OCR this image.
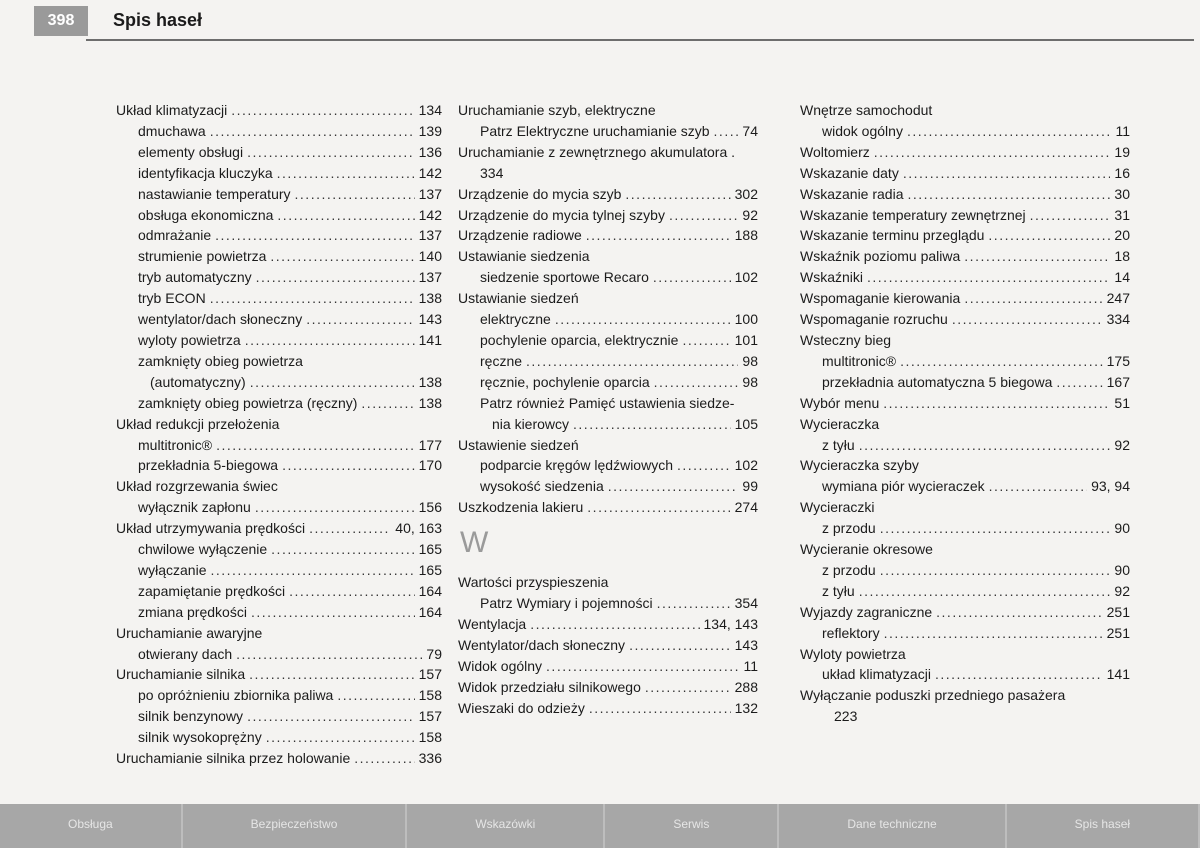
398	Spis haseł
Układ klimatyzacji .....	134
dmuchawa .....	139
elementy obsługi .....	136
identyfikacja kluczyka .....	142
nastawianie temperatury .....	137
obsługa ekonomiczna .....	142
odmrażanie .....	137
strumienie powietrza .....	140
tryb automatyczny .....	137
tryb ECON .....	138
wentylator/dach słoneczny .....	143
wyloty powietrza .....	141
zamknięty obieg powietrza
(automatyczny) .....	138
zamknięty obieg powietrza (ręczny) .....	138
Układ redukcji przełożenia
multitronic® .....	177
przekładnia 5-biegowa .....	170
Układ rozgrzewania świec
wyłącznik zapłonu .....	156
Układ utrzymywania prędkości .....	40, 163
chwilowe wyłączenie .....	165
wyłączanie .....	165
zapamiętanie prędkości .....	164
zmiana prędkości .....	164
Uruchamianie awaryjne
otwierany dach .....	79
Uruchamianie silnika .....	157
po opróżnieniu zbiornika paliwa .....	158
silnik benzynowy .....	157
silnik wysokoprężny .....	158
Uruchamianie silnika przez holowanie .....	336
Uruchamianie szyb, elektryczne
Patrz Elektryczne uruchamianie szyb ..... 74
Uruchamianie z zewnętrznego akumulatora .
334
Urządzenie do mycia szyb .....	302
Urządzenie do mycia tylnej szyby .....	92
Urządzenie radiowe .....	188
Ustawianie siedzenia
siedzenie sportowe Recaro .....	102
Ustawianie siedzeń
elektryczne .....	100
pochylenie oparcia, elektrycznie .....	101
ręczne .....	98
ręcznie, pochylenie oparcia .....	98
Patrz również Pamięć ustawienia siedze-
nia kierowcy .....	105
Ustawienie siedzeń
podparcie kręgów lędźwiowych .....	102
wysokość siedzenia .....	99
Uszkodzenia lakieru .....	274
W
Wartości przyspieszenia
Patrz Wymiary i pojemności .....	354
Wentylacja .....	134, 143
Wentylator/dach słoneczny .....	143
Widok ogólny .....	11
Widok przedziału silnikowego .....	288
Wieszaki do odzieży .....	132
Wnętrze samochodut
widok ogólny .....	11
Woltomierz .....	19
Wskazanie daty .....	16
Wskazanie radia .....	30
Wskazanie temperatury zewnętrznej .....	31
Wskazanie terminu przeglądu .....	20
Wskaźnik poziomu paliwa .....	18
Wskaźniki .....	14
Wspomaganie kierowania .....	247
Wspomaganie rozruchu .....	334
Wsteczny bieg
multitronic® .....	175
przekładnia automatyczna 5 biegowa .....	167
Wybór menu .....	51
Wycieraczka
z tyłu .....	92
Wycieraczka szyby
wymiana piór wycieraczek .....	93, 94
Wycieraczki
z przodu .....	90
Wycieranie okresowe
z przodu .....	90
z tyłu .....	92
Wyjazdy zagraniczne .....	251
reflektory .....	251
Wyloty powietrza
układ klimatyzacji .....	141
Wyłączanie poduszki przedniego pasażera
223
Obsługa	Bezpieczeństwo	Wskazówki	Serwis	Dane techniczne	Spis haseł
